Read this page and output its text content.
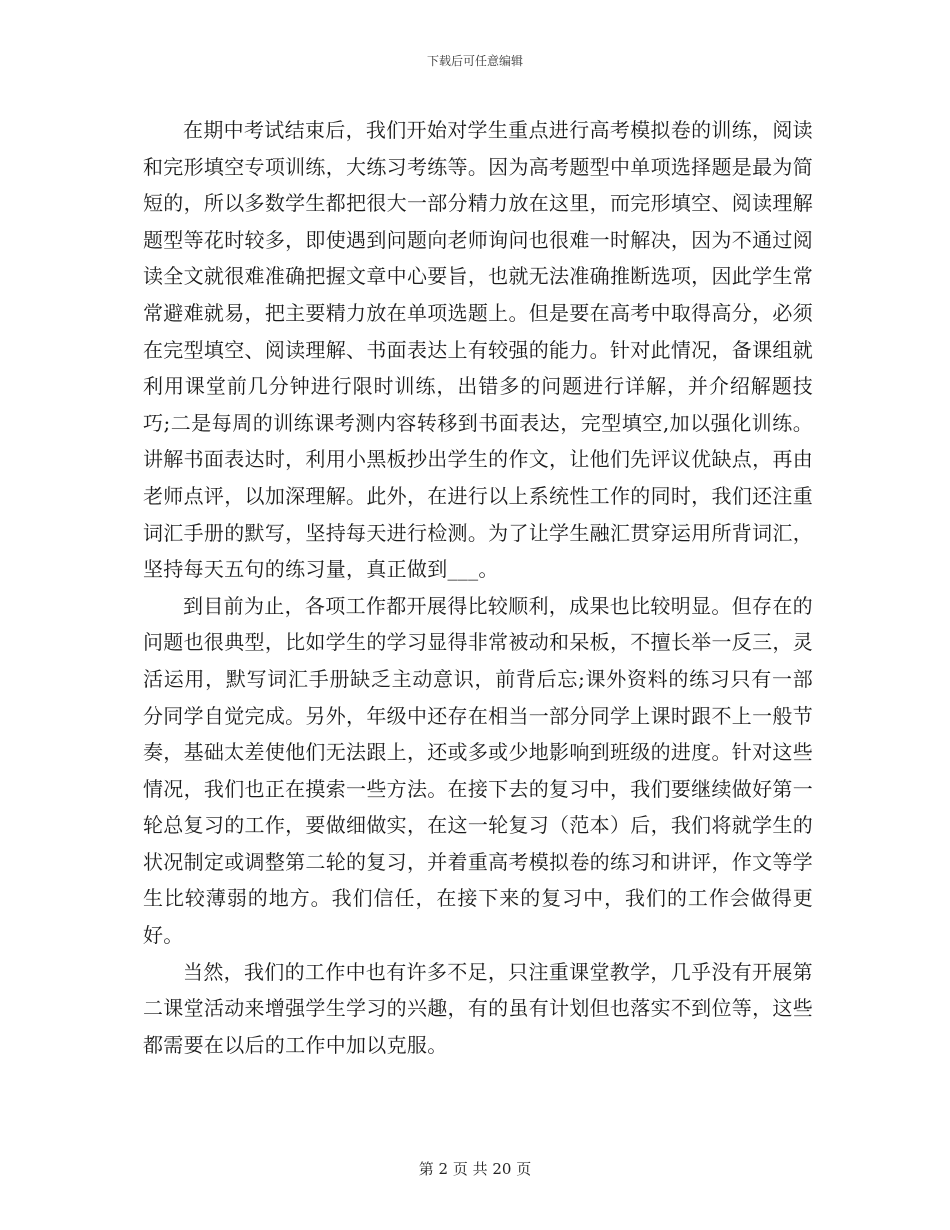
下载后可任意编辑

在期中考试结束后，我们开始对学生重点进行高考模拟卷的训练，阅读和完形填空专项训练，大练习考练等。因为高考题型中单项选择题是最为简短的，所以多数学生都把很大一部分精力放在这里，而完形填空、阅读理解题型等花时较多，即使遇到问题向老师询问也很难一时解决，因为不通过阅读全文就很难准确把握文章中心要旨，也就无法准确推断选项，因此学生常常避难就易，把主要精力放在单项选题上。但是要在高考中取得高分，必须在完型填空、阅读理解、书面表达上有较强的能力。针对此情况，备课组就利用课堂前几分钟进行限时训练，出错多的问题进行详解，并介绍解题技巧;二是每周的训练课考测内容转移到书面表达，完型填空,加以强化训练。讲解书面表达时，利用小黑板抄出学生的作文，让他们先评议优缺点，再由老师点评，以加深理解。此外，在进行以上系统性工作的同时，我们还注重词汇手册的默写，坚持每天进行检测。为了让学生融汇贯穿运用所背词汇，坚持每天五句的练习量，真正做到___。

到目前为止，各项工作都开展得比较顺利，成果也比较明显。但存在的问题也很典型，比如学生的学习显得非常被动和呆板，不擅长举一反三，灵活运用，默写词汇手册缺乏主动意识，前背后忘;课外资料的练习只有一部分同学自觉完成。另外，年级中还存在相当一部分同学上课时跟不上一般节奏，基础太差使他们无法跟上，还或多或少地影响到班级的进度。针对这些情况，我们也正在摸索一些方法。在接下去的复习中，我们要继续做好第一轮总复习的工作，要做细做实，在这一轮复习（范本）后，我们将就学生的状况制定或调整第二轮的复习，并着重高考模拟卷的练习和讲评，作文等学生比较薄弱的地方。我们信任，在接下来的复习中，我们的工作会做得更好。

当然，我们的工作中也有许多不足，只注重课堂教学，几乎没有开展第二课堂活动来增强学生学习的兴趣，有的虽有计划但也落实不到位等，这些都需要在以后的工作中加以克服。

第 2 页 共 20 页
